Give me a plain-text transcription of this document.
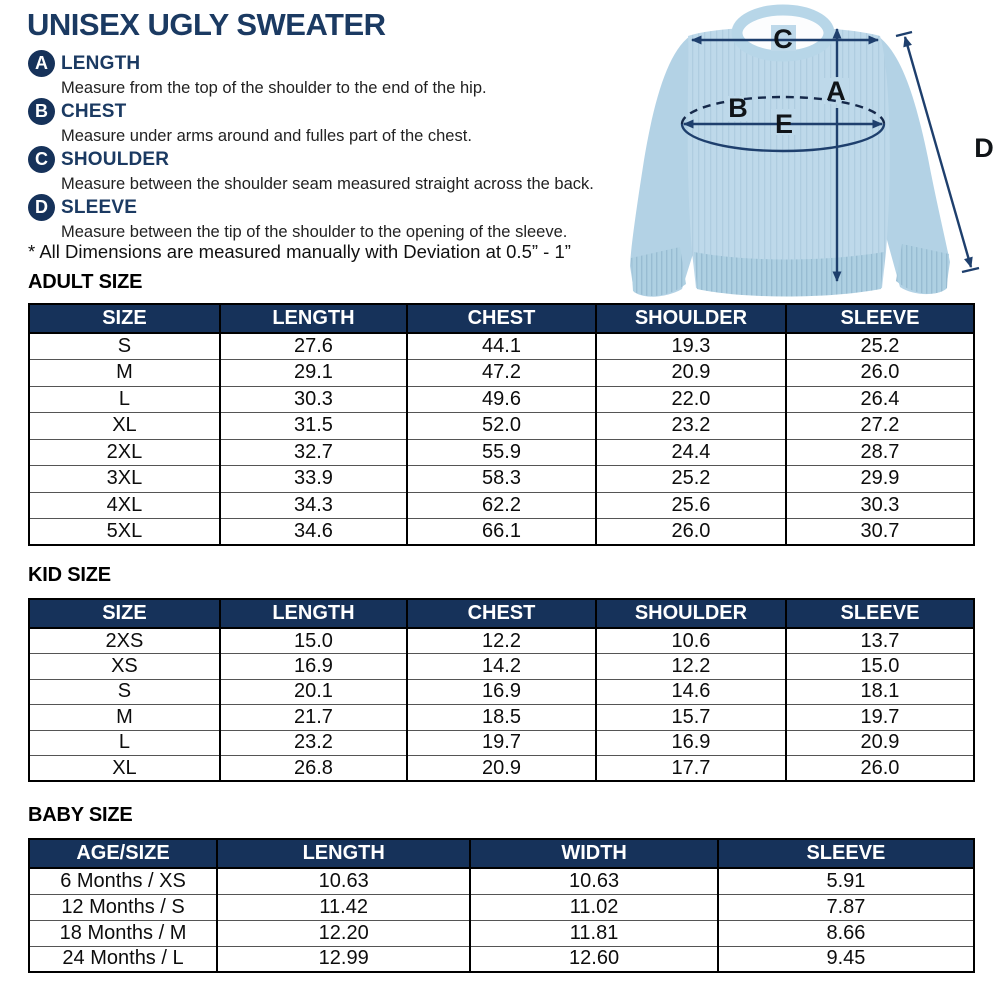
UNISEX UGLY SWEATER
A LENGTH
Measure from the top of the shoulder to the end of the hip.
B CHEST
Measure under arms around and fulles part of the chest.
C SHOULDER
Measure between the shoulder seam measured straight across the back.
D SLEEVE
Measure between the tip of the shoulder to the opening of the sleeve.
* All Dimensions are measured manually with Deviation at 0.5” - 1”
ADULT SIZE
SIZE	LENGTH	CHEST	SHOULDER	SLEEVE
S	27.6	44.1	19.3	25.2
M	29.1	47.2	20.9	26.0
L	30.3	49.6	22.0	26.4
XL	31.5	52.0	23.2	27.2
2XL	32.7	55.9	24.4	28.7
3XL	33.9	58.3	25.2	29.9
4XL	34.3	62.2	25.6	30.3
5XL	34.6	66.1	26.0	30.7
KID SIZE
SIZE	LENGTH	CHEST	SHOULDER	SLEEVE
2XS	15.0	12.2	10.6	13.7
XS	16.9	14.2	12.2	15.0
S	20.1	16.9	14.6	18.1
M	21.7	18.5	15.7	19.7
L	23.2	19.7	16.9	20.9
XL	26.8	20.9	17.7	26.0
BABY SIZE
AGE/SIZE	LENGTH	WIDTH	SLEEVE
6 Months / XS	10.63	10.63	5.91
12 Months / S	11.42	11.02	7.87
18 Months / M	12.20	11.81	8.66
24 Months / L	12.99	12.60	9.45
C
A
B
E
D
